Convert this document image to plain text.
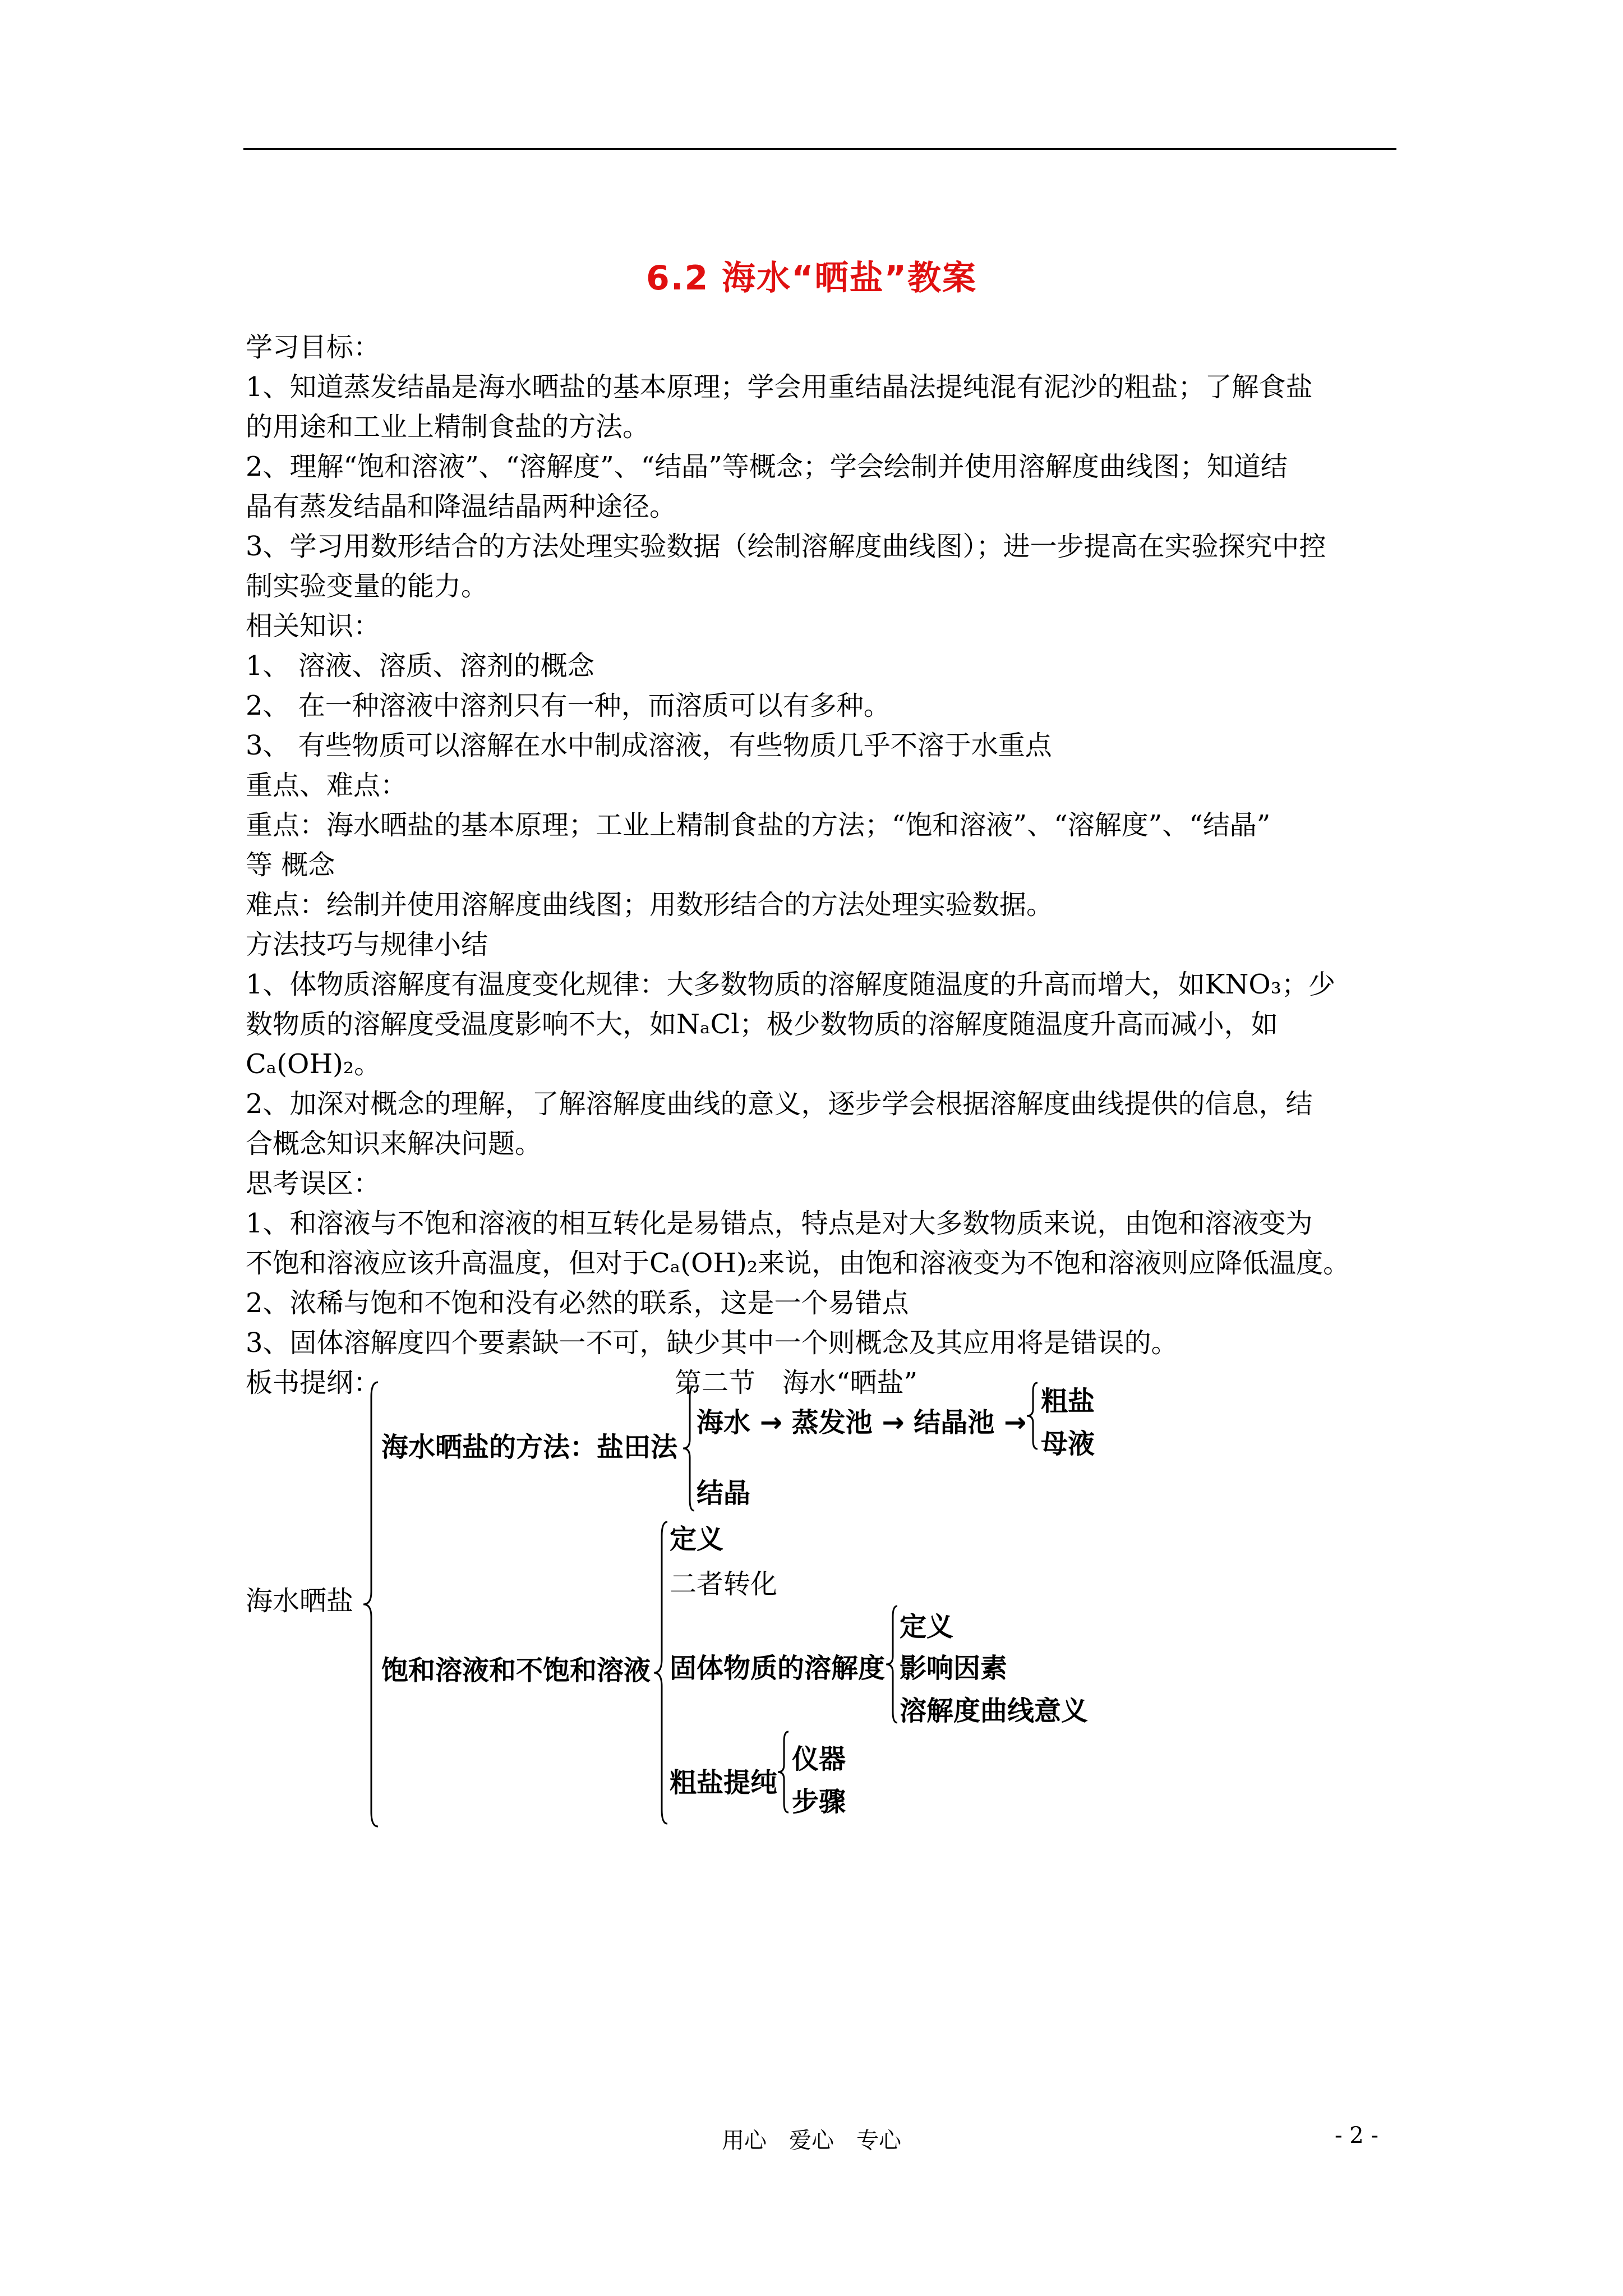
6.2 海水“晒盐”教案

学习目标：

1、知道蒸发结晶是海水晒盐的基本原理；学会用重结晶法提纯混有泥沙的粗盐；了解食盐

的用途和工业上精制食盐的方法。

2、理解“饱和溶液”、“溶解度”、“结晶”等概念；学会绘制并使用溶解度曲线图；知道结

晶有蒸发结晶和降温结晶两种途径。

3、学习用数形结合的方法处理实验数据（绘制溶解度曲线图）；进一步提高在实验探究中控

制实验变量的能力。

相关知识：

1、 溶液、溶质、溶剂的概念

2、 在一种溶液中溶剂只有一种，而溶质可以有多种。

3、 有些物质可以溶解在水中制成溶液，有些物质几乎不溶于水重点

重点、难点：

重点：海水晒盐的基本原理；工业上精制食盐的方法；“饱和溶液”、“溶解度”、“结晶”

等 概念

难点：绘制并使用溶解度曲线图；用数形结合的方法处理实验数据。

方法技巧与规律小结

1、体物质溶解度有温度变化规律：大多数物质的溶解度随温度的升高而增大，如KNO₃；少

数物质的溶解度受温度影响不大，如NₐCl；极少数物质的溶解度随温度升高而减小，如

Cₐ(OH)₂。

2、加深对概念的理解，了解溶解度曲线的意义，逐步学会根据溶解度曲线提供的信息，结

合概念知识来解决问题。

思考误区：

1、和溶液与不饱和溶液的相互转化是易错点，特点是对大多数物质来说，由饱和溶液变为

不饱和溶液应该升高温度，但对于Cₐ(OH)₂来说，由饱和溶液变为不饱和溶液则应降低温度。

2、浓稀与饱和不饱和没有必然的联系，这是一个易错点

3、固体溶解度四个要素缺一不可，缺少其中一个则概念及其应用将是错误的。

板书提纲：	第二节　海水“晒盐”

海水晒盐
海水晒盐的方法：盐田法
海水 → 蒸发池 → 结晶池 →
粗盐
母液
结晶
定义
二者转化
饱和溶液和不饱和溶液 固体物质的溶解度
定义
影响因素
溶解度曲线意义
粗盐提纯
仪器
步骤
用心　爱心　专心	- 2 -
